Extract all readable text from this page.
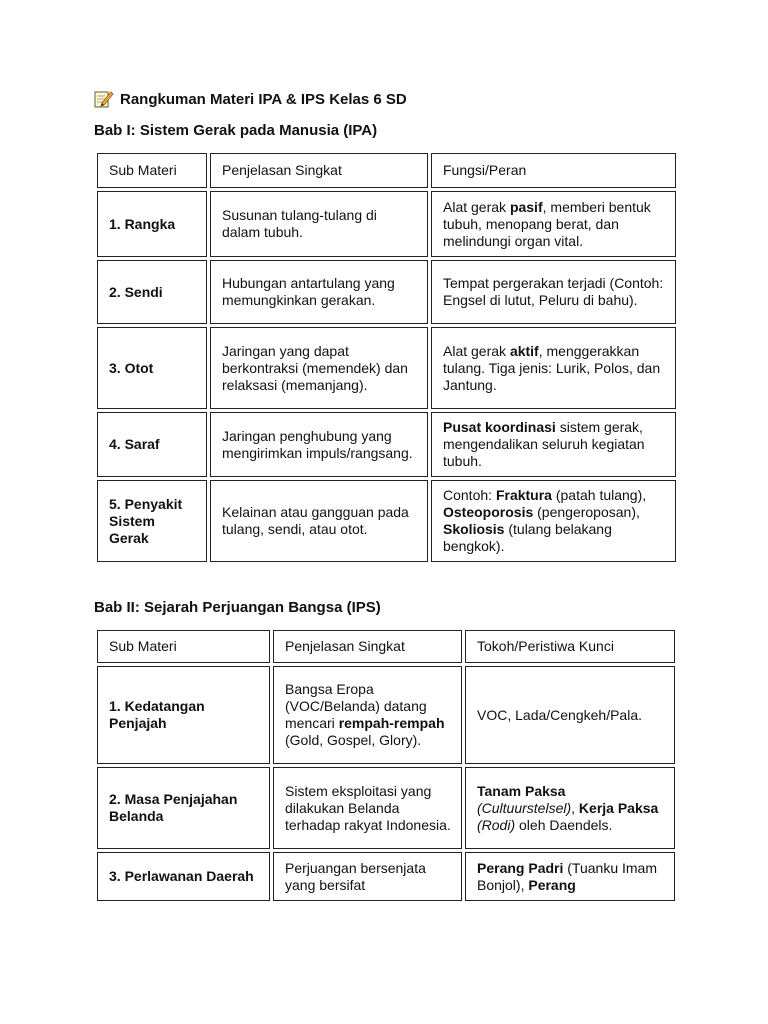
Rangkuman Materi IPA & IPS Kelas 6 SD
Bab I: Sistem Gerak pada Manusia (IPA)
Sub Materi	Penjelasan Singkat	Fungsi/Peran
1. Rangka	Susunan tulang-tulang di dalam tubuh.	Alat gerak pasif, memberi bentuk tubuh, menopang berat, dan melindungi organ vital.
2. Sendi	Hubungan antartulang yang memungkinkan gerakan.	Tempat pergerakan terjadi (Contoh: Engsel di lutut, Peluru di bahu).
3. Otot	Jaringan yang dapat berkontraksi (memendek) dan relaksasi (memanjang).	Alat gerak aktif, menggerakkan tulang. Tiga jenis: Lurik, Polos, dan Jantung.
4. Saraf	Jaringan penghubung yang mengirimkan impuls/rangsang.	Pusat koordinasi sistem gerak, mengendalikan seluruh kegiatan tubuh.
5. Penyakit Sistem Gerak	Kelainan atau gangguan pada tulang, sendi, atau otot.	Contoh: Fraktura (patah tulang), Osteoporosis (pengeroposan), Skoliosis (tulang belakang bengkok).
Bab II: Sejarah Perjuangan Bangsa (IPS)
Sub Materi	Penjelasan Singkat	Tokoh/Peristiwa Kunci
1. Kedatangan Penjajah	Bangsa Eropa (VOC/Belanda) datang mencari rempah-rempah (Gold, Gospel, Glory).	VOC, Lada/Cengkeh/Pala.
2. Masa Penjajahan Belanda	Sistem eksploitasi yang dilakukan Belanda terhadap rakyat Indonesia.	Tanam Paksa (Cultuurstelsel), Kerja Paksa (Rodi) oleh Daendels.
3. Perlawanan Daerah	Perjuangan bersenjata yang bersifat	Perang Padri (Tuanku Imam Bonjol), Perang
